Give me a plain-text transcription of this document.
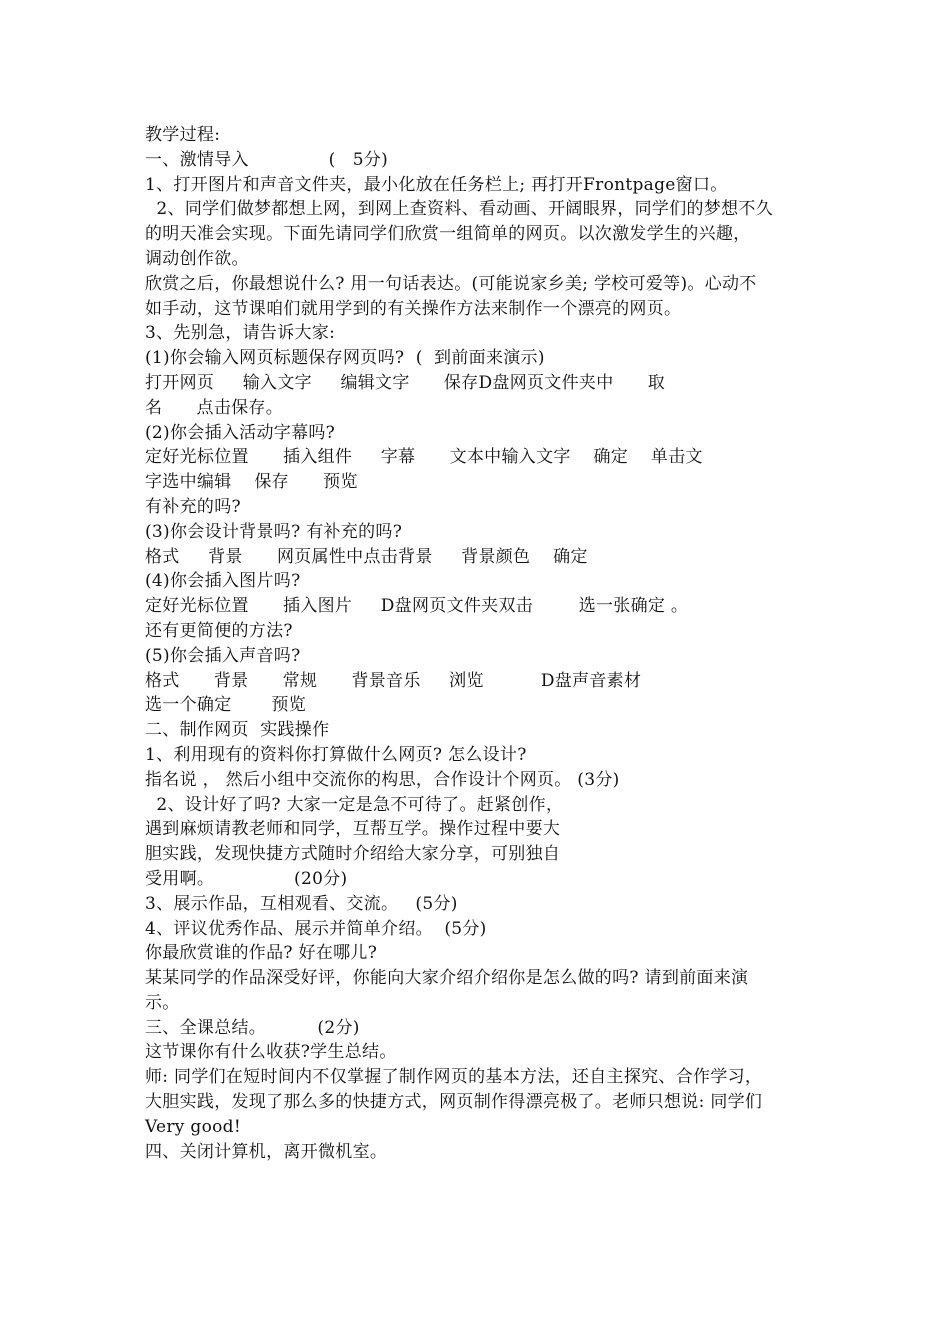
教学过程:
一、激情导入              (   5分)
1、打开图片和声音文件夹，最小化放在任务栏上; 再打开Frontpage窗口。
2、同学们做梦都想上网，到网上查资料、看动画、开阔眼界，同学们的梦想不久
的明天准会实现。下面先请同学们欣赏一组简单的网页。以次激发学生的兴趣，
调动创作欲。
欣赏之后，你最想说什么? 用一句话表达。(可能说家乡美; 学校可爱等)。心动不
如手动，这节课咱们就用学到的有关操作方法来制作一个漂亮的网页。
3、先别急，请告诉大家:
(1)你会输入网页标题保存网页吗?  (  到前面来演示)
打开网页     输入文字     编辑文字      保存D盘网页文件夹中      取
名      点击保存。
(2)你会插入活动字幕吗?
定好光标位置      插入组件     字幕      文本中输入文字    确定    单击文
字选中编辑    保存      预览
有补充的吗?
(3)你会设计背景吗? 有补充的吗?
格式     背景      网页属性中点击背景     背景颜色    确定
(4)你会插入图片吗?
定好光标位置      插入图片     D盘网页文件夹双击        选一张确定 。
还有更简便的方法?
(5)你会插入声音吗?
格式      背景      常规      背景音乐     浏览          D盘声音素材
选一个确定       预览
二、制作网页  实践操作
1、利用现有的资料你打算做什么网页? 怎么设计?
指名说 ， 然后小组中交流你的构思，合作设计个网页。 (3分)
2、设计好了吗? 大家一定是急不可待了。赶紧创作，
遇到麻烦请教老师和同学，互帮互学。操作过程中要大
胆实践，发现快捷方式随时介绍给大家分享，可别独自
受用啊。              (20分)
3、展示作品，互相观看、交流。   (5分)
4、评议优秀作品、展示并简单介绍。  (5分)
你最欣赏谁的作品? 好在哪儿?
某某同学的作品深受好评，你能向大家介绍介绍你是怎么做的吗? 请到前面来演
示。
三、全课总结。         (2分)
这节课你有什么收获?学生总结。
师: 同学们在短时间内不仅掌握了制作网页的基本方法，还自主探究、合作学习，
大胆实践，发现了那么多的快捷方式，网页制作得漂亮极了。老师只想说: 同学们
Very good!
四、关闭计算机，离开微机室。
